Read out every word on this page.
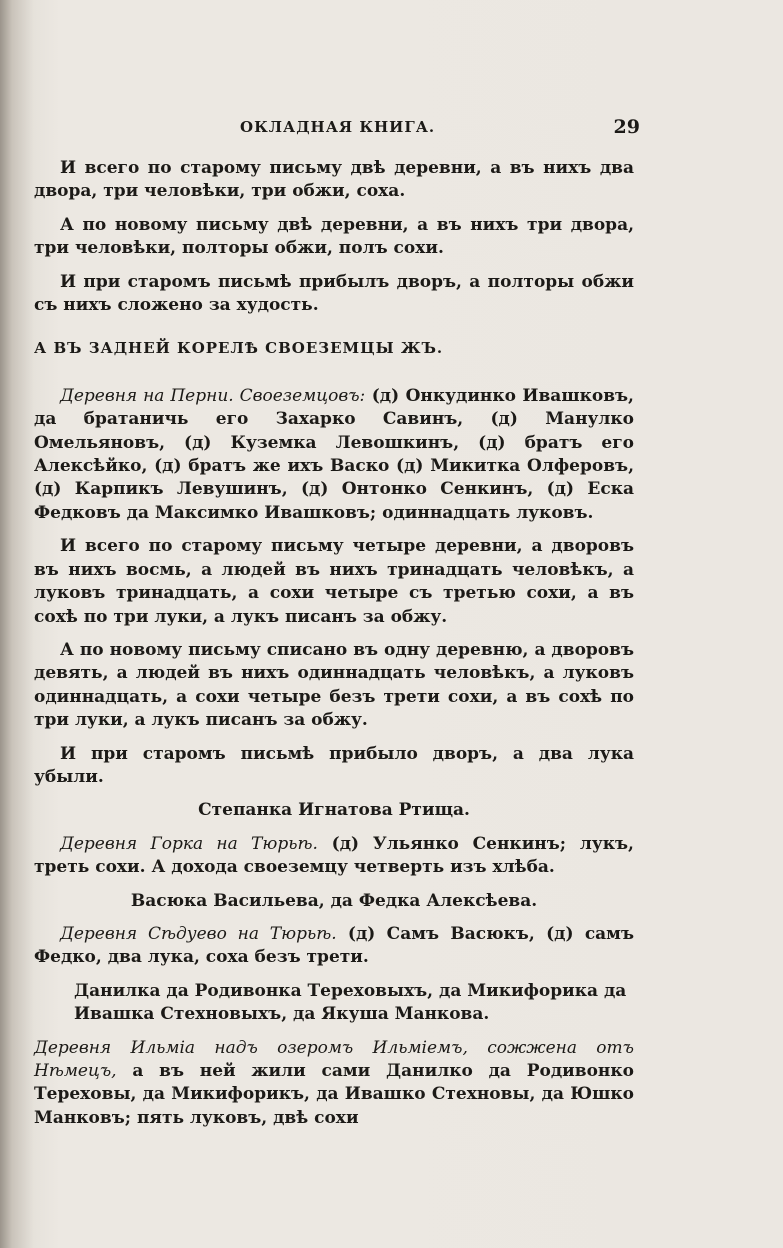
ОКЛАДНАЯ КНИГА.	29

И всего по старому письму двѣ деревни, а въ нихъ два двора, три человѣки, три обжи, соха.

А по новому письму двѣ деревни, а въ нихъ три двора, три человѣки, полторы обжи, полъ сохи.

И при старомъ письмѣ прибылъ дворъ, а полторы обжи съ нихъ сложено за худость.

А ВЪ ЗАДНЕЙ КОРЕЛѢ СВОЕЗЕМЦЫ ЖЪ.

Деревня на Перни. Своеземцовъ: (д) Онкудинко Ивашковъ, да братаничь его Захарко Савинъ, (д) Манулко Омельяновъ, (д) Куземка Левошкинъ, (д) братъ его Алексѣйко, (д) братъ же ихъ Васко (д) Микитка Олферовъ, (д) Карпикъ Левушинъ, (д) Онтонко Сенкинъ, (д) Еска Федковъ да Максимко Ивашковъ; одиннадцать луковъ.

И всего по старому письму четыре деревни, а дворовъ въ нихъ восмь, а людей въ нихъ тринадцать человѣкъ, а луковъ тринадцать, а сохи четыре съ третью сохи, а въ сохѣ по три луки, а лукъ писанъ за обжу.

А по новому письму списано въ одну деревню, а дворовъ девять, а людей въ нихъ одиннадцать человѣкъ, а луковъ одиннадцать, а сохи четыре безъ трети сохи, а въ сохѣ по три луки, а лукъ писанъ за обжу.

И при старомъ письмѣ прибыло дворъ, а два лука убыли.

Степанка Игнатова Ртища.

Деревня Горка на Тюрьѣ. (д) Ульянко Сенкинъ; лукъ, треть сохи. А дохода своеземцу четверть изъ хлѣба.

Васюка Васильева, да Федка Алексѣева.

Деревня Сѣдуево на Тюрьѣ. (д) Самъ Васюкъ, (д) самъ Федко, два лука, соха безъ трети.

Данилка да Родивонка Тереховыхъ, да Микифорика да Ивашка Стехновыхъ, да Якуша Манкова.

Деревня Ильмiа надъ озеромъ Ильмiемъ, сожжена отъ Нѣмецъ, а въ ней жили сами Данилко да Родивонко Тереховы, да Микифорикъ, да Ивашко Стехновы, да Юшко Манковъ; пять луковъ, двѣ сохи
